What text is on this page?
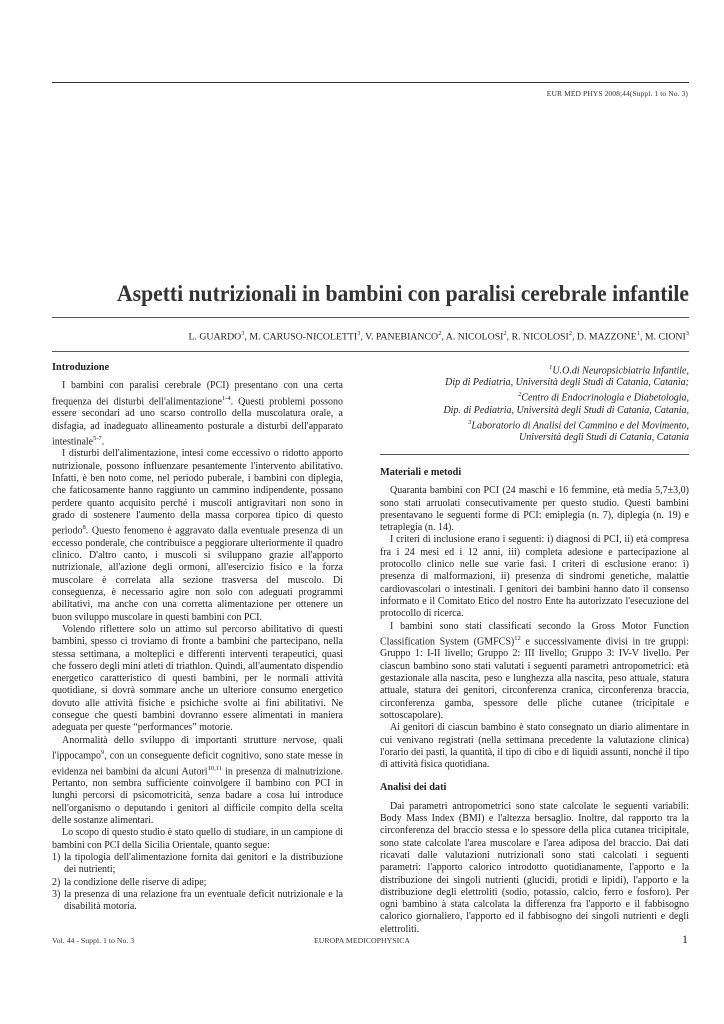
EUR MED PHYS 2008;44(Suppl. 1 to No. 3)
Aspetti nutrizionali in bambini con paralisi cerebrale infantile
L. GUARDO$^3$, M. CARUSO-NICOLETTI$^3$, V. PANEBIANCO$^2$, A. NICOLOSI$^2$, R. NICOLOSI$^2$, D. MAZZONE$^1$, M. CIONI$^3$
Introduzione

I bambini con paralisi cerebrale (PCI) presentano con una certa frequenza dei disturbi dell'alimentazione$^{1-4}$. Questi problemi possono essere secondari ad uno scarso controllo della muscolatura orale, a disfagia, ad inadeguato allineamento posturale a disturbi dell'apparato intestinale$^{5-7}$.

I disturbi dell'alimentazione, intesi come eccessivo o ridotto apporto nutrizionale, possono influenzare pesantemente l'intervento abilitativo. Infatti, è ben noto come, nel periodo puberale, i bambini con diplegia, che faticosamente hanno raggiunto un cammino indipendente, possano perdere quanto acquisito perché i muscoli antigravitari non sono in grado di sostenere l'aumento della massa corporea tipico di questo periodo$^8$. Questo fenomeno è aggravato dalla eventuale presenza di un eccesso ponderale, che contribuisce a peggiorare ulteriormente il quadro clinico. D'altro canto, i muscoli si sviluppano grazie all'apporto nutrizionale, all'azione degli ormoni, all'esercizio fisico e la forza muscolare è correlata alla sezione trasversa del muscolo. Di conseguenza, è necessario agire non solo con adeguati programmi abilitativi, ma anche con una corretta alimentazione per ottenere un buon sviluppo muscolare in questi bambini con PCI.

Volendo riflettere solo un attimo sul percorso abilitativo di questi bambini, spesso ci troviamo di fronte a bambini che partecipano, nella stessa settimana, a molteplici e differenti interventi terapeutici, quasi che fossero degli mini atleti di triathlon. Quindi, all'aumentato dispendio energetico caratteristico di questi bambini, per le normali attività quotidiane, si dovrà sommare anche un ulteriore consumo energetico dovuto alle attività fisiche e psichiche svolte ai fini abilitativi. Ne consegue che questi bambini dovranno essere alimentati in maniera adeguata per queste “performances” motorie.

Anormalità dello sviluppo di importanti strutture nervose, quali l'ippocampo$^9$, con un conseguente deficit cognitivo, sono state messe in evidenza nei bambini da alcuni Autori$^{10,11}$ in presenza di malnutrizione. Pertanto, non sembra sufficiente coinvolgere il bambino con PCI in lunghi percorsi di psicomotricità, senza badare a cosa lui introduce nell'organismo o deputando i genitori al difficile compito della scelta delle sostanze alimentari.

Lo scopo di questo studio è stato quello di studiare, in un campione di bambini con PCI della Sicilia Orientale, quanto segue:

1) la tipologia dell'alimentazione fornita dai genitori e la distribuzione dei nutrienti;
2) la condizione delle riserve di adipe;
3) la presenza di una relazione fra un eventuale deficit nutrizionale e la disabilità motoria.
$^1$U.O.di Neuropsicbiatria Infantile,
Dip di Pediatria, Università degli Studi di Catania, Catania;
$^2$Centro di Endocrinologia e Diabetologia,
Dip. di Pediatria, Università degli Studi di Catania, Catania,
$^3$Laboratorio di Analisi del Cammino e del Movimento,
Università degli Studi di Catania, Catania
Materiali e metodi

Quaranta bambini con PCI (24 maschi e 16 femmine, età media 5,7±3,0) sono stati arruolati consecutivamente per questo studio. Questi bambini presentavano le seguenti forme di PCI: emiplegia (n. 7), diplegia (n. 19) e tetraplegia (n. 14).

I criteri di inclusione erano i seguenti: i) diagnosi di PCI, ii) età compresa fra i 24 mesi ed i 12 anni, iii) completa adesione e partecipazione al protocollo clinico nelle sue varie fasi. I criteri di esclusione erano: i) presenza di malformazioni, ii) presenza di sindromi genetiche, malattie cardiovascolari o intestinali. I genitori dei bambini hanno dato il consenso informato e il Comitato Etico del nostro Ente ha autorizzato l'esecuzione del protocollo di ricerca.

I bambini sono stati classificati secondo la Gross Motor Function Classification System (GMFCS)$^{12}$ e successivamente divisi in tre gruppi: Gruppo 1: I-II livello; Gruppo 2: III livello; Gruppo 3: IV-V livello. Per ciascun bambino sono stati valutati i seguenti parametri antropometrici: età gestazionale alla nascita, peso e lunghezza alla nascita, peso attuale, statura attuale, statura dei genitori, circonferenza cranica, circonferenza braccia, circonferenza gamba, spessore delle pliche cutanee (tricipitale e sottoscapolare).

Ai genitori di ciascun bambino è stato consegnato un diario alimentare in cui venivano registrati (nella settimana precedente la valutazione clinica) l'orario dei pasti, la quantità, il tipo di cibo e di liquidi assunti, nonché il tipo di attività fisica quotidiana.

Analisi dei dati

Dai parametri antropometrici sono state calcolate le seguenti variabili: Body Mass Index (BMI) e l'altezza bersaglio. Inoltre, dal rapporto tra la circonferenza del braccio stessa e lo spessore della plica cutanea tricipitale, sono state calcolate l'area muscolare e l'area adiposa del braccio. Dai dati ricavati dalle valutazioni nutrizionali sono stati calcolati i seguenti parametri: l'apporto calorico introdotto quotidianamente, l'apporto e la distribuzione dei singoli nutrienti (glucidi, protidi e lipidi), l'apporto e la distribuzione degli elettroliti (sodio, potassio, calcio, ferro e fosforo). Per ogni bambino à stata calcolata la differenza fra l'apporto e il fabbisogno calorico giornaliero, l'apporto ed il fabbisogno dei singoli nutrienti e degli elettroliti.

Vol. 44 - Suppl. 1 to No. 3	EUROPA MEDICOPHYSICA	1
